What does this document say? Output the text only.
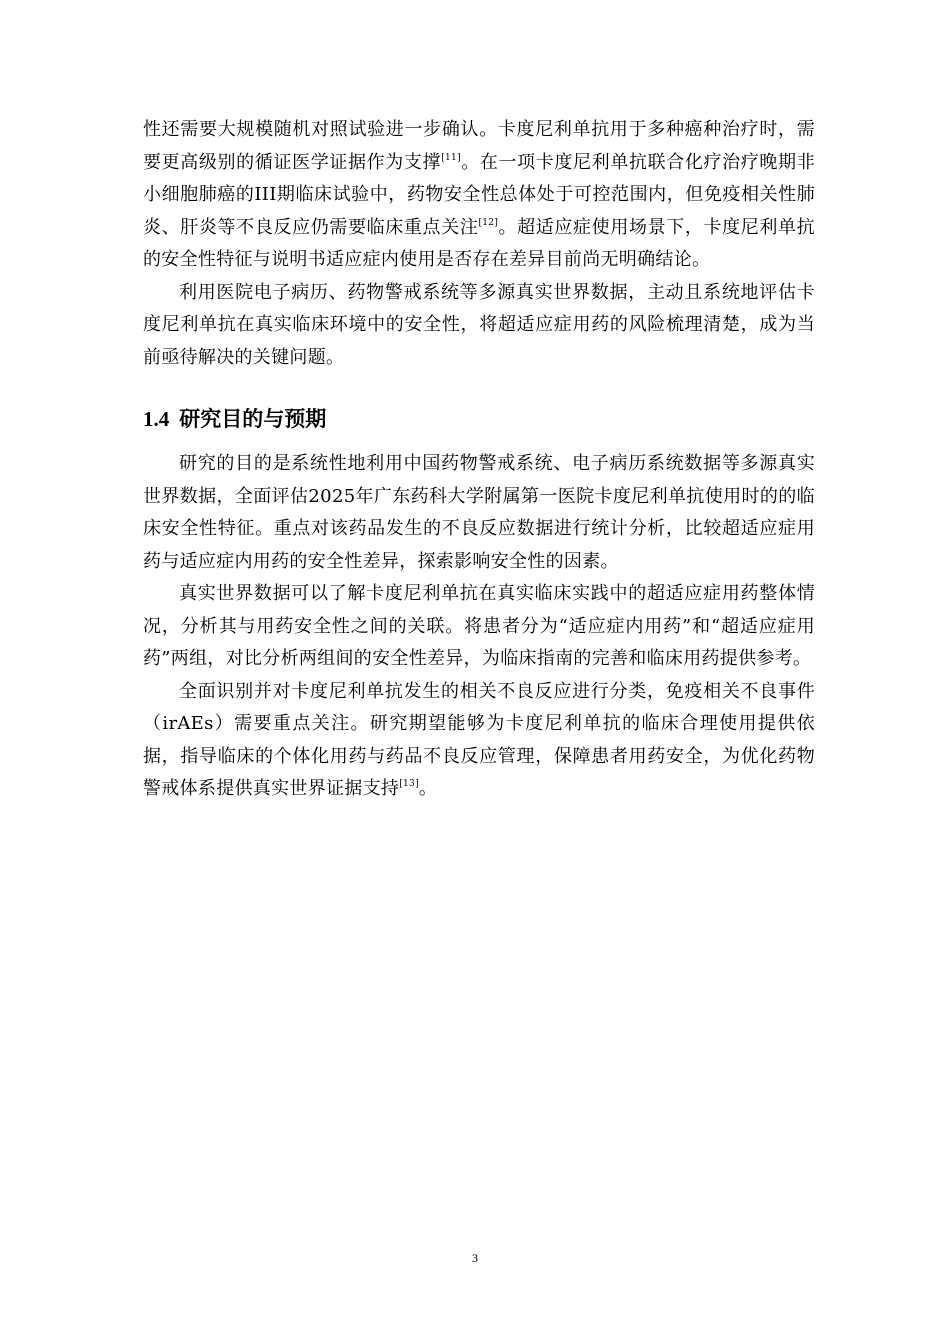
性还需要大规模随机对照试验进一步确认。卡度尼利单抗用于多种癌种治疗时，需要更高级别的循证医学证据作为支撑[11]。在一项卡度尼利单抗联合化疗治疗晚期非小细胞肺癌的III期临床试验中，药物安全性总体处于可控范围内，但免疫相关性肺炎、肝炎等不良反应仍需要临床重点关注[12]。超适应症使用场景下，卡度尼利单抗的安全性特征与说明书适应症内使用是否存在差异目前尚无明确结论。

利用医院电子病历、药物警戒系统等多源真实世界数据，主动且系统地评估卡度尼利单抗在真实临床环境中的安全性，将超适应症用药的风险梳理清楚，成为当前亟待解决的关键问题。

1.4 研究目的与预期

研究的目的是系统性地利用中国药物警戒系统、电子病历系统数据等多源真实世界数据，全面评估2025年广东药科大学附属第一医院卡度尼利单抗使用时的的临床安全性特征。重点对该药品发生的不良反应数据进行统计分析，比较超适应症用药与适应症内用药的安全性差异，探索影响安全性的因素。

真实世界数据可以了解卡度尼利单抗在真实临床实践中的超适应症用药整体情况，分析其与用药安全性之间的关联。将患者分为“适应症内用药”和“超适应症用药”两组，对比分析两组间的安全性差异，为临床指南的完善和临床用药提供参考。

全面识别并对卡度尼利单抗发生的相关不良反应进行分类，免疫相关不良事件（irAEs）需要重点关注。研究期望能够为卡度尼利单抗的临床合理使用提供依据，指导临床的个体化用药与药品不良反应管理，保障患者用药安全，为优化药物警戒体系提供真实世界证据支持[13]。

3
